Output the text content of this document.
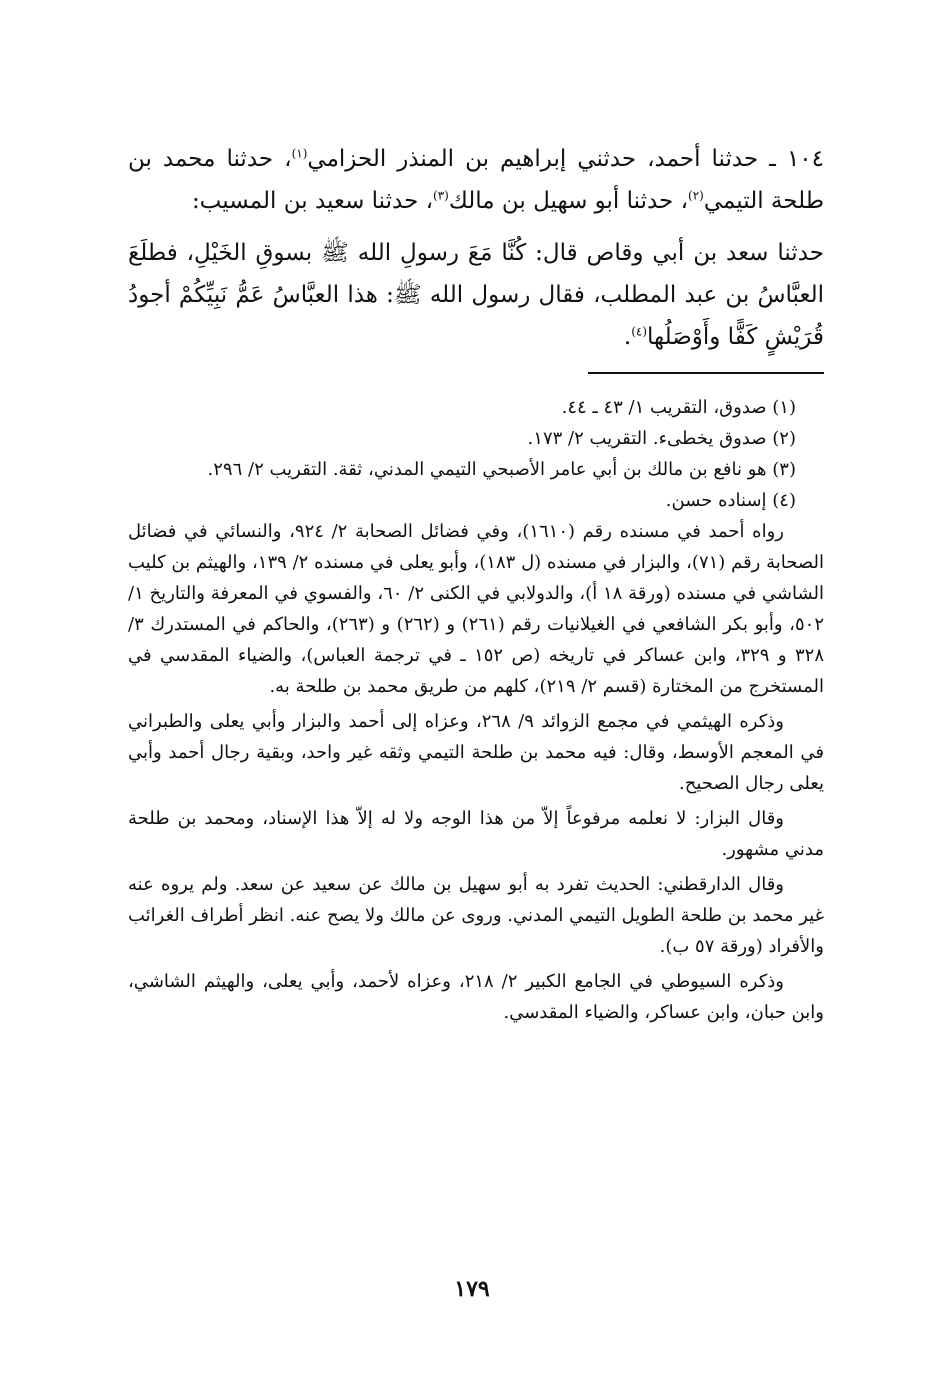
١٠٤ ـ حدثنا أحمد، حدثني إبراهيم بن المنذر الحزامي$^{(١)}$، حدثنا محمد بن طلحة التيمي$^{(٢)}$، حدثنا أبو سهيل بن مالك$^{(٣)}$، حدثنا سعيد بن المسيب:

حدثنا سعد بن أبي وقاص قال: كُنَّا مَعَ رسولِ الله ﷺ بسوقِ الخَيْلِ، فطلَعَ العبَّاسُ بن عبد المطلب، فقال رسول الله ﷺ: هذا العبَّاسُ عَمُّ نَبِيِّكُمْ أجودُ قُرَيْشٍ كَفًّا وأَوْصَلُها$^{(٤)}$.

(١) صدوق، التقريب ١/ ٤٣ ـ ٤٤.

(٢) صدوق يخطىء. التقريب ٢/ ١٧٣.

(٣) هو نافع بن مالك بن أبي عامر الأصبحي التيمي المدني، ثقة. التقريب ٢/ ٢٩٦.

(٤) إسناده حسن.

رواه أحمد في مسنده رقم (١٦١٠)، وفي فضائل الصحابة ٢/ ٩٢٤، والنسائي في فضائل الصحابة رقم (٧١)، والبزار في مسنده (ل ١٨٣)، وأبو يعلى في مسنده ٢/ ١٣٩، والهيثم بن كليب الشاشي في مسنده (ورقة ١٨ أ)، والدولابي في الكنى ٢/ ٦٠، والفسوي في المعرفة والتاريخ ١/ ٥٠٢، وأبو بكر الشافعي في الغيلانيات رقم (٢٦١) و (٢٦٢) و (٢٦٣)، والحاكم في المستدرك ٣/ ٣٢٨ و ٣٢٩، وابن عساكر في تاريخه (ص ١٥٢ ـ في ترجمة العباس)، والضياء المقدسي في المستخرج من المختارة (قسم ٢/ ٢١٩)، كلهم من طريق محمد بن طلحة به.

وذكره الهيثمي في مجمع الزوائد ٩/ ٢٦٨، وعزاه إلى أحمد والبزار وأبي يعلى والطبراني في المعجم الأوسط، وقال: فيه محمد بن طلحة التيمي وثقه غير واحد، وبقية رجال أحمد وأبي يعلى رجال الصحيح.

وقال البزار: لا نعلمه مرفوعاً إلاّ من هذا الوجه ولا له إلاّ هذا الإسناد، ومحمد بن طلحة مدني مشهور.

وقال الدارقطني: الحديث تفرد به أبو سهيل بن مالك عن سعيد عن سعد. ولم يروه عنه غير محمد بن طلحة الطويل التيمي المدني. وروى عن مالك ولا يصح عنه. انظر أطراف الغرائب والأفراد (ورقة ٥٧ ب).

وذكره السيوطي في الجامع الكبير ٢/ ٢١٨، وعزاه لأحمد، وأبي يعلى، والهيثم الشاشي، وابن حبان، وابن عساكر، والضياء المقدسي.

١٧٩
